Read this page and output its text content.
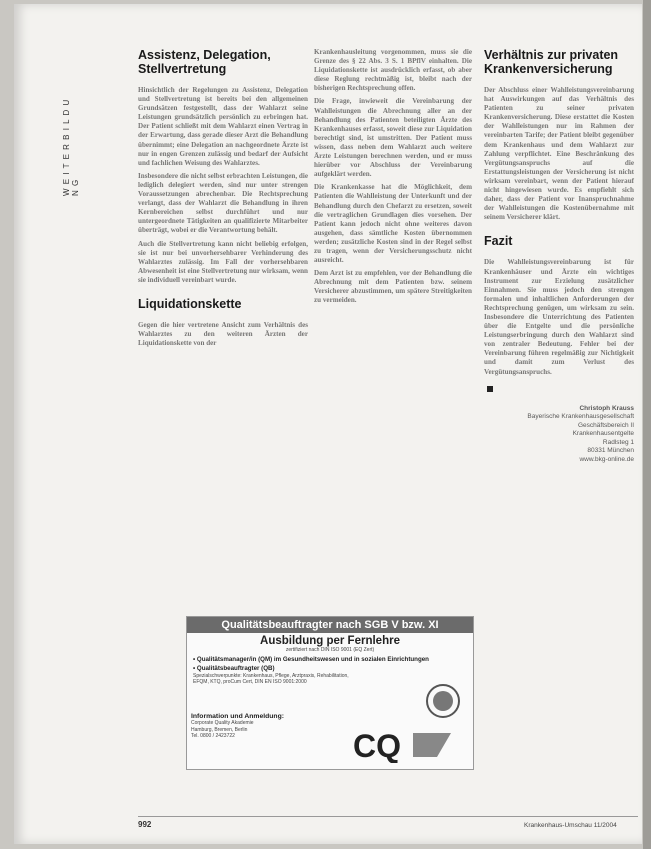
W E I T E R B I L D U N G
Assistenz, Delegation, Stellvertretung

Hinsichtlich der Regelungen zu Assistenz, Delegation und Stellvertretung ist bereits bei den allgemeinen Grundsätzen festgestellt, dass der Wahlarzt seine Leistungen grundsätzlich persönlich zu erbringen hat. Der Patient schließt mit dem Wahlarzt einen Vertrag in der Erwartung, dass gerade dieser Arzt die Behandlung übernimmt; eine Delegation an nachgeordnete Ärzte ist nur in engen Grenzen zulässig und bedarf der Aufsicht und fachlichen Weisung des Wahlarztes.

Insbesondere die nicht selbst erbrachten Leistungen, die lediglich delegiert werden, sind nur unter strengen Voraussetzungen abrechenbar. Die Rechtsprechung verlangt, dass der Wahlarzt die Behandlung in ihren Kernbereichen selbst durchführt und nur untergeordnete Tätigkeiten an qualifizierte Mitarbeiter überträgt, wobei er die Verantwortung behält.

Auch die Stellvertretung kann nicht beliebig erfolgen, sie ist nur bei unvorhersehbarer Verhinderung des Wahlarztes zulässig. Im Fall der vorhersehbaren Abwesenheit ist eine Stellvertretung nur wirksam, wenn sie individuell vereinbart wurde.

Liquidationskette

Gegen die hier vertretene Ansicht zum Verhältnis des Wahlarztes zu den weiteren Ärzten der Liquidationskette von der

Krankenhausleitung vorgenommen, muss sie die Grenze des § 22 Abs. 3 S. 1 BPflV einhalten. Die Liquidationskette ist ausdrücklich erfasst, ob aber diese Reglung rechtmäßig ist, bleibt nach der bisherigen Rechtsprechung offen.

Die Frage, inwieweit die Vereinbarung der Wahlleistungen die Abrechnung aller an der Behandlung des Patienten beteiligten Ärzte des Krankenhauses erfasst, soweit diese zur Liquidation berechtigt sind, ist umstritten. Der Patient muss wissen, dass neben dem Wahlarzt auch weitere Ärzte Leistungen berechnen werden, und er muss hierüber vor Abschluss der Vereinbarung aufgeklärt werden.

Die Krankenkasse hat die Möglichkeit, dem Patienten die Wahlleistung der Unterkunft und der Behandlung durch den Chefarzt zu ersetzen, soweit die vertraglichen Grundlagen dies vorsehen. Der Patient kann jedoch nicht ohne weiteres davon ausgehen, dass sämtliche Kosten übernommen werden; zusätzliche Kosten sind in der Regel selbst zu tragen, wenn der Versicherungsschutz nicht ausreicht.

Dem Arzt ist zu empfehlen, vor der Behandlung die Abrechnung mit dem Patienten bzw. seinem Versicherer abzustimmen, um spätere Streitigkeiten zu vermeiden.

Verhältnis zur privaten Krankenversicherung

Der Abschluss einer Wahlleistungsvereinbarung hat Auswirkungen auf das Verhältnis des Patienten zu seiner privaten Krankenversicherung. Diese erstattet die Kosten der Wahlleistungen nur im Rahmen der vereinbarten Tarife; der Patient bleibt gegenüber dem Krankenhaus und dem Wahlarzt zur Zahlung verpflichtet. Eine Beschränkung des Vergütungsanspruchs auf die Erstattungsleistungen der Versicherung ist nicht wirksam vereinbart, wenn der Patient hierauf nicht hingewiesen wurde. Es empfiehlt sich daher, dass der Patient vor Inanspruchnahme der Wahlleistungen die Kostenübernahme mit seinem Versicherer klärt.

Fazit

Die Wahlleistungsvereinbarung ist für Krankenhäuser und Ärzte ein wichtiges Instrument zur Erzielung zusätzlicher Einnahmen. Sie muss jedoch den strengen formalen und inhaltlichen Anforderungen der Rechtsprechung genügen, um wirksam zu sein. Insbesondere die Unterrichtung des Patienten über die Entgelte und die persönliche Leistungserbringung durch den Wahlarzt sind von zentraler Bedeutung. Fehler bei der Vereinbarung führen regelmäßig zur Nichtigkeit und damit zum Verlust des Vergütungsanspruchs.

Christoph Krauss
Bayerische Krankenhausgesellschaft
Geschäftsbereich II
Krankenhausentgelte
Radlsteg 1
80331 München
www.bkg-online.de
Qualitätsbeauftragter nach SGB V bzw. XI
Ausbildung per Fernlehre
zertifiziert nach DIN ISO 9001 (EQ Zert)
• Qualitätsmanager/in (QM) im Gesundheitswesen und in sozialen Einrichtungen
• Qualitätsbeauftragter (QB)
Spezialschwerpunkte: Krankenhaus, Pflege, Arztpraxis, Rehabilitation, EFQM, KTQ, proCum Cert, DIN EN ISO 9001:2000
Information und Anmeldung:
Corporate Quality Akademie
Hamburg, Bremen, Berlin
Tel. 0800 / 2423722	CQ
992	Krankenhaus-Umschau 11/2004
